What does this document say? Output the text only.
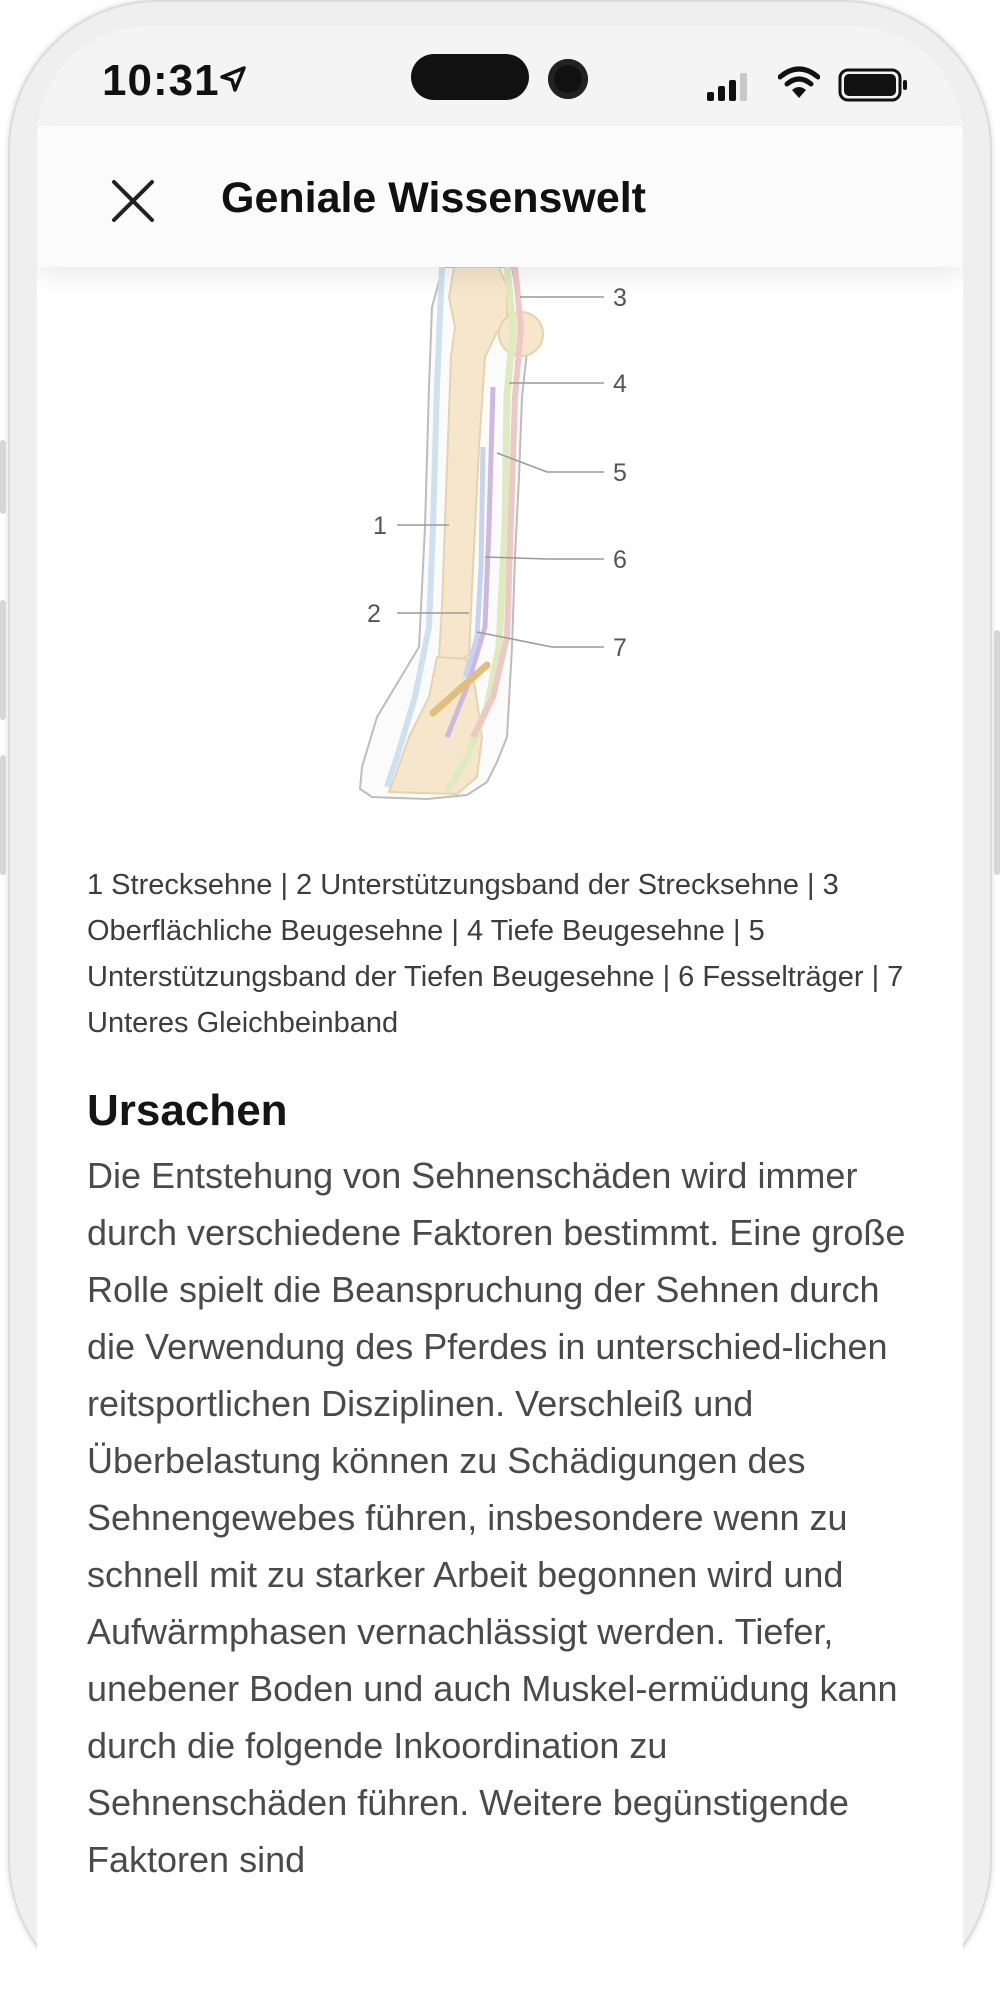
10:31
Geniale Wissenswelt
1
2
3
4
5
6
7
1 Strecksehne | 2 Unterstützungsband der Strecksehne | 3 Oberflächliche Beugesehne | 4 Tiefe Beugesehne | 5 Unterstützungsband der Tiefen Beugesehne | 6 Fesselträger | 7 Unteres Gleichbeinband
Ursachen
Die Entstehung von Sehnenschäden wird immer durch verschiedene Faktoren bestimmt. Eine große Rolle spielt die Beanspruchung der Sehnen durch die Verwendung des Pferdes in unterschied-lichen reitsportlichen Disziplinen. Verschleiß und Überbelastung können zu Schädigungen des Sehnengewebes führen, insbesondere wenn zu schnell mit zu starker Arbeit begonnen wird und Aufwärmphasen vernachlässigt werden. Tiefer, unebener Boden und auch Muskel-ermüdung kann durch die folgende Inkoordination zu Sehnenschäden führen. Weitere begünstigende Faktoren sind
